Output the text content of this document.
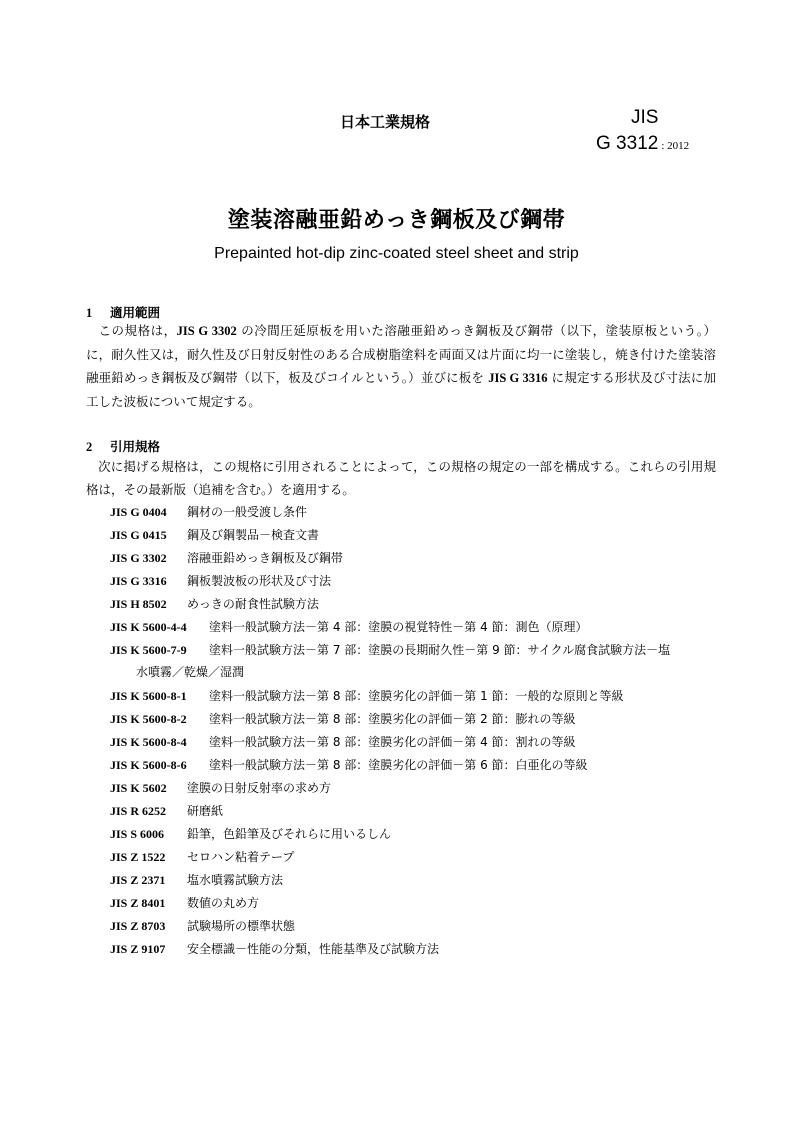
日本工業規格	JIS
G 3312 : 2012
塗装溶融亜鉛めっき鋼板及び鋼帯
Prepainted hot-dip zinc-coated steel sheet and strip
1 適用範囲
この規格は，JIS G 3302 の冷間圧延原板を用いた溶融亜鉛めっき鋼板及び鋼帯（以下，塗装原板という。）に，耐久性又は，耐久性及び日射反射性のある合成樹脂塗料を両面又は片面に均一に塗装し，焼き付けた塗装溶融亜鉛めっき鋼板及び鋼帯（以下，板及びコイルという。）並びに板を JIS G 3316 に規定する形状及び寸法に加工した波板について規定する。
2 引用規格
次に掲げる規格は，この規格に引用されることによって，この規格の規定の一部を構成する。これらの引用規格は，その最新版（追補を含む。）を適用する。
JIS G 0404 鋼材の一般受渡し条件
JIS G 0415 鋼及び鋼製品－検査文書
JIS G 3302 溶融亜鉛めっき鋼板及び鋼帯
JIS G 3316 鋼板製波板の形状及び寸法
JIS H 8502 めっきの耐食性試験方法
JIS K 5600-4-4 塗料一般試験方法－第 4 部：塗膜の視覚特性－第 4 節：測色（原理）
JIS K 5600-7-9 塗料一般試験方法－第 7 部：塗膜の長期耐久性－第 9 節：サイクル腐食試験方法－塩
水噴霧／乾燥／湿潤
JIS K 5600-8-1 塗料一般試験方法－第 8 部：塗膜劣化の評価－第 1 節：一般的な原則と等級
JIS K 5600-8-2 塗料一般試験方法－第 8 部：塗膜劣化の評価－第 2 節：膨れの等級
JIS K 5600-8-4 塗料一般試験方法－第 8 部：塗膜劣化の評価－第 4 節：割れの等級
JIS K 5600-8-6 塗料一般試験方法－第 8 部：塗膜劣化の評価－第 6 節：白亜化の等級
JIS K 5602 塗膜の日射反射率の求め方
JIS R 6252 研磨紙
JIS S 6006 鉛筆，色鉛筆及びそれらに用いるしん
JIS Z 1522 セロハン粘着テープ
JIS Z 2371 塩水噴霧試験方法
JIS Z 8401 数値の丸め方
JIS Z 8703 試験場所の標準状態
JIS Z 9107 安全標識－性能の分類，性能基準及び試験方法
